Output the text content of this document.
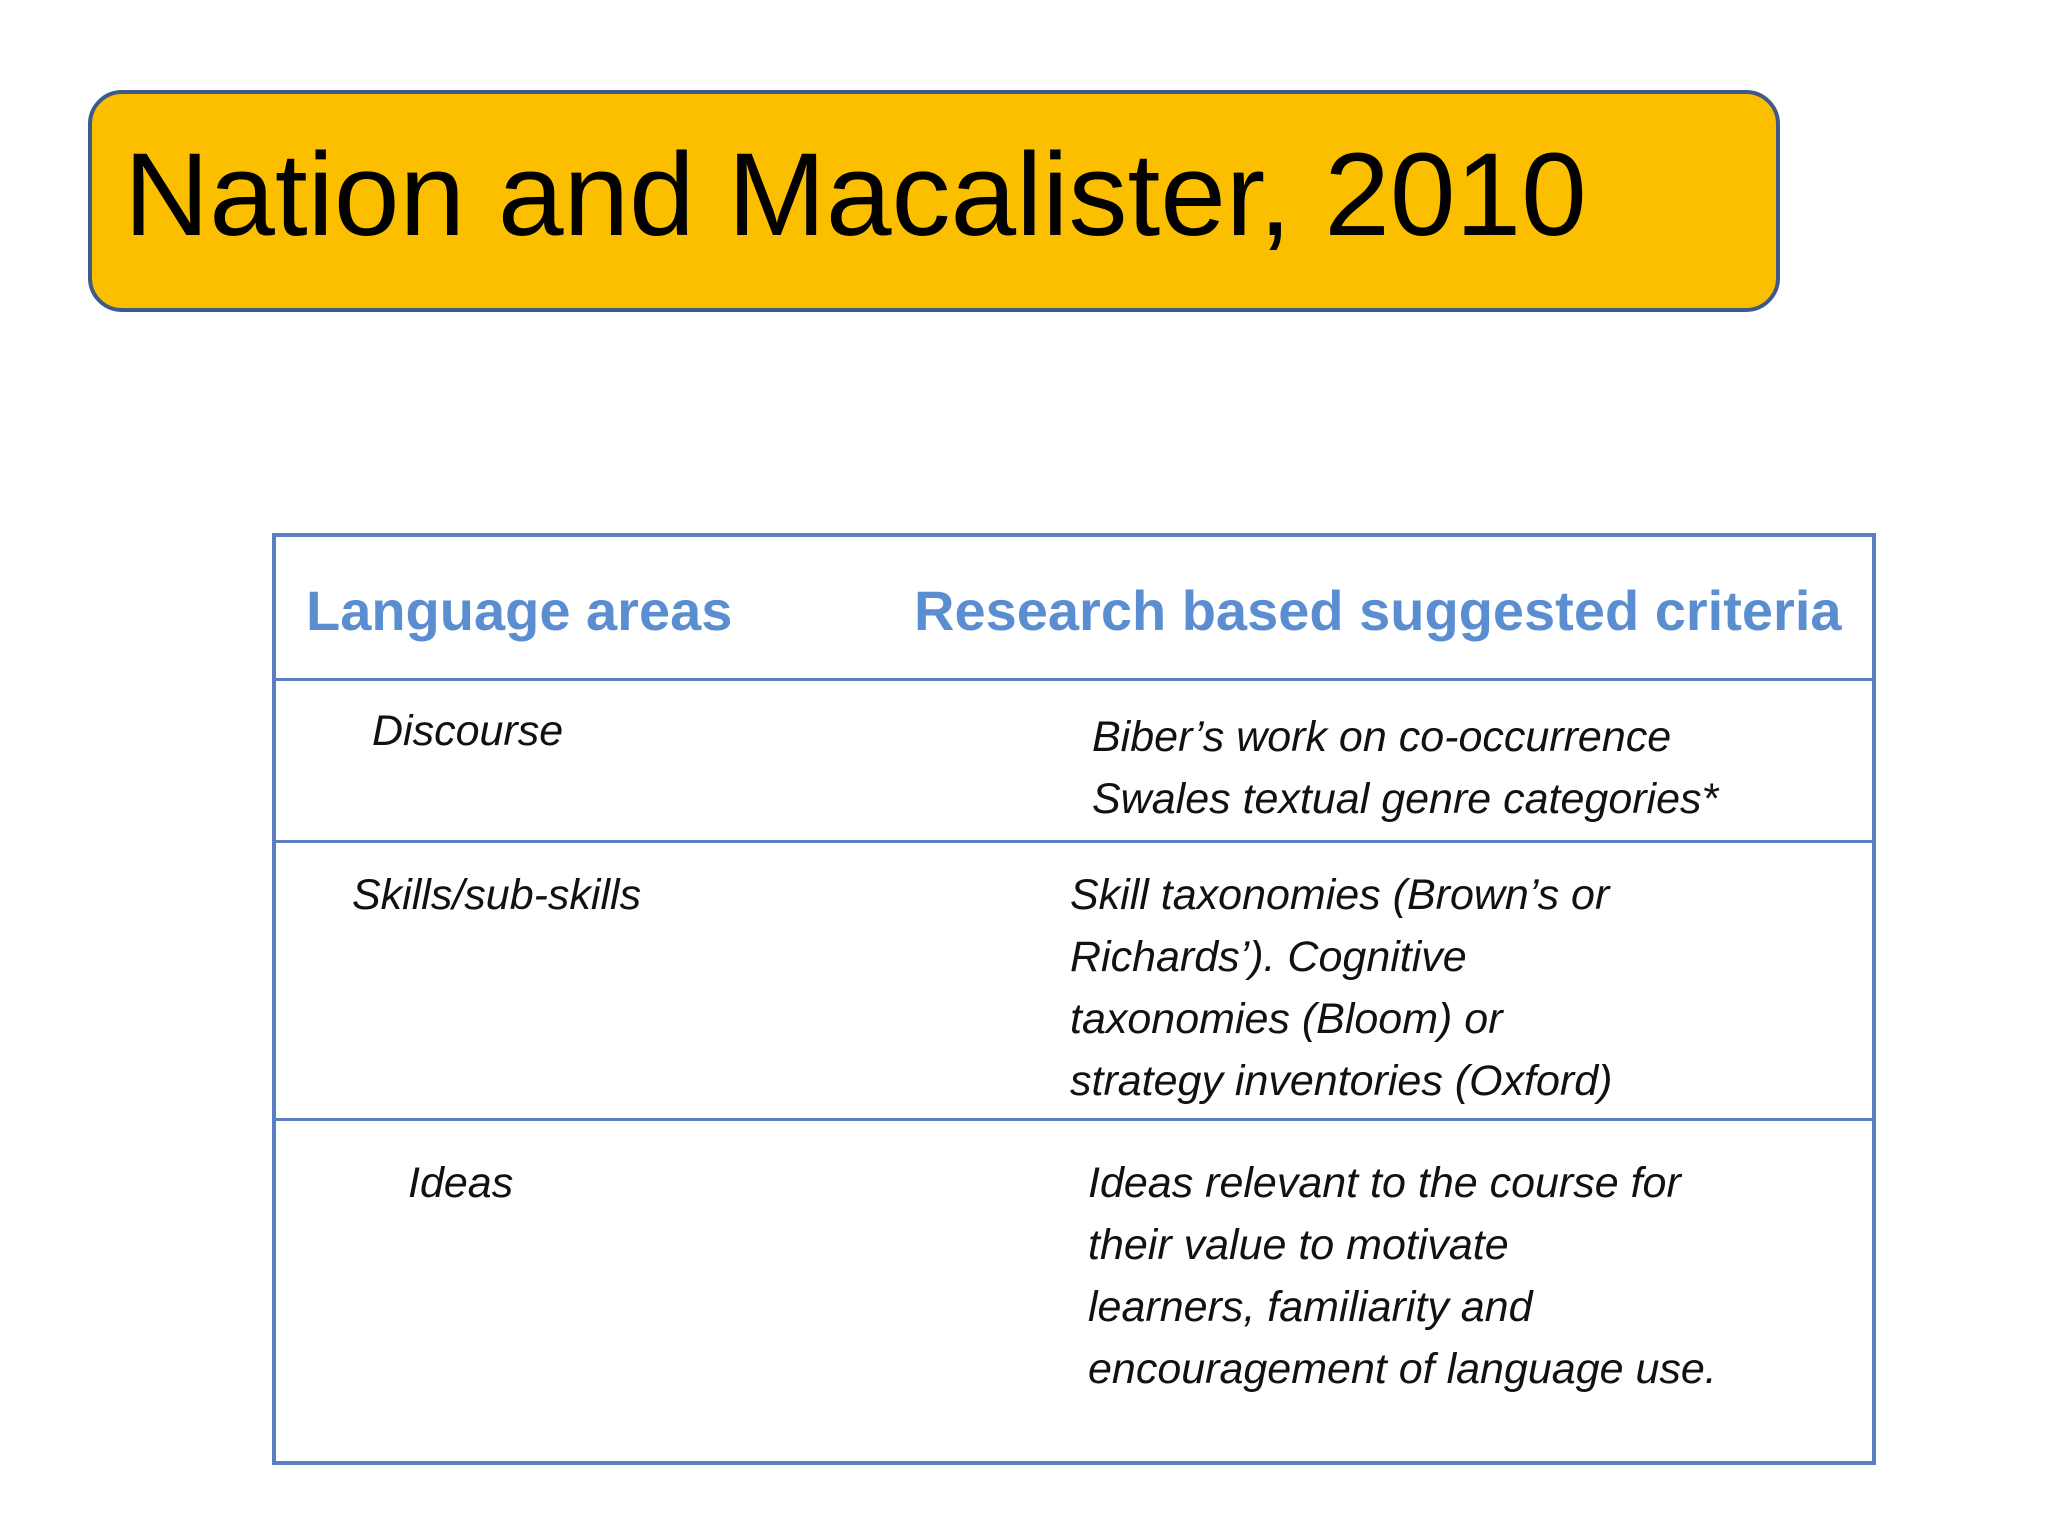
Nation and Macalister, 2010
Language areas	Research based suggested criteria
Discourse	Biber’s work on co-occurrence
Swales textual genre categories*
Skills/sub-skills	Skill taxonomies (Brown’s or
Richards’). Cognitive
taxonomies (Bloom) or
strategy inventories (Oxford)
Ideas	Ideas relevant to the course for
their value to motivate
learners, familiarity and
encouragement of language use.
